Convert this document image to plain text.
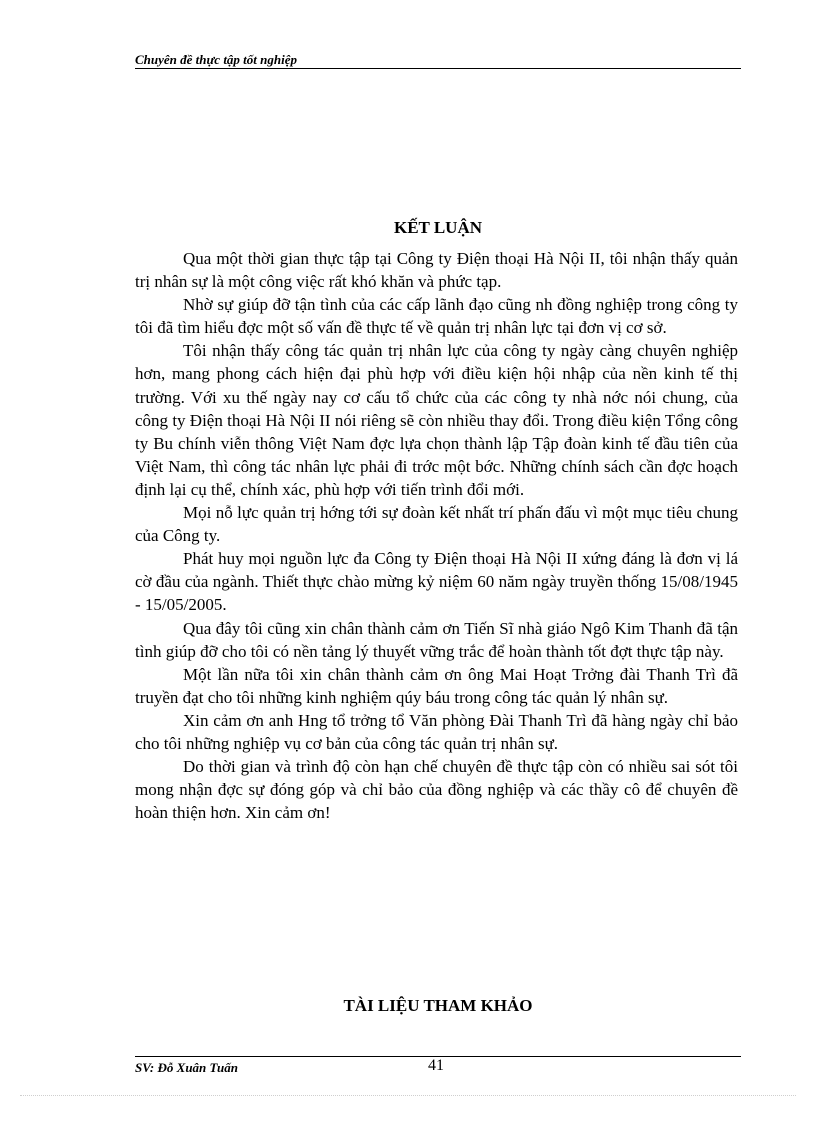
Chuyên đề thực tập tốt nghiệp
KẾT LUẬN

Qua một thời gian thực tập tại Công ty Điện thoại Hà Nội II, tôi nhận thấy quản trị nhân sự là một công việc rất khó khăn và phức tạp.

Nhờ sự giúp đỡ tận tình của các cấp lãnh đạo cũng nh đồng nghiệp trong công ty tôi đã tìm hiểu đợc một số vấn đề thực tế về quản trị nhân lực tại đơn vị cơ sở.

Tôi nhận thấy công tác quản trị nhân lực của công ty ngày càng chuyên nghiệp hơn, mang phong cách hiện đại phù hợp với điều kiện hội nhập của nền kinh tế thị trường. Với xu thế ngày nay cơ cấu tổ chức của các công ty nhà nớc nói chung, của công ty Điện thoại Hà Nội II nói riêng sẽ còn nhiều thay đổi. Trong điều kiện Tổng công ty Bu chính viễn thông Việt Nam đợc lựa chọn thành lập Tập đoàn kinh tế đầu tiên của Việt Nam, thì công tác nhân lực phải đi trớc một bớc. Những chính sách cần đợc hoạch định lại cụ thể, chính xác, phù hợp với tiến trình đổi mới.

Mọi nỗ lực quản trị hớng tới sự đoàn kết nhất trí phấn đấu vì một mục tiêu chung của Công ty.

Phát huy mọi nguồn lực đa Công ty Điện thoại Hà Nội II xứng đáng là đơn vị lá cờ đầu của ngành. Thiết thực chào mừng kỷ niệm 60 năm ngày truyền thống 15/08/1945 - 15/05/2005.

Qua đây tôi cũng xin chân thành cảm ơn Tiến Sĩ nhà giáo Ngô Kim Thanh đã tận tình giúp đỡ cho tôi có nền tảng lý thuyết vững trắc để hoàn thành tốt đợt thực tập này.

Một lần nữa tôi xin chân thành cảm ơn ông Mai Hoạt Trởng đài Thanh Trì đã truyền đạt cho tôi những kinh nghiệm qúy báu trong công tác quản lý nhân sự.

Xin cảm ơn anh Hng tổ trởng tổ Văn phòng Đài Thanh Trì đã hàng ngày chỉ bảo cho tôi những nghiệp vụ cơ bản của công tác quản trị nhân sự.

Do thời gian và trình độ còn hạn chế chuyên đề thực tập còn có nhiều sai sót tôi mong nhận đợc sự đóng góp và chỉ bảo của đồng nghiệp và các thầy cô để chuyên đề hoàn thiện hơn. Xin cảm ơn!

TÀI LIỆU THAM KHẢO
SV: Đỗ Xuân Tuấn	41
